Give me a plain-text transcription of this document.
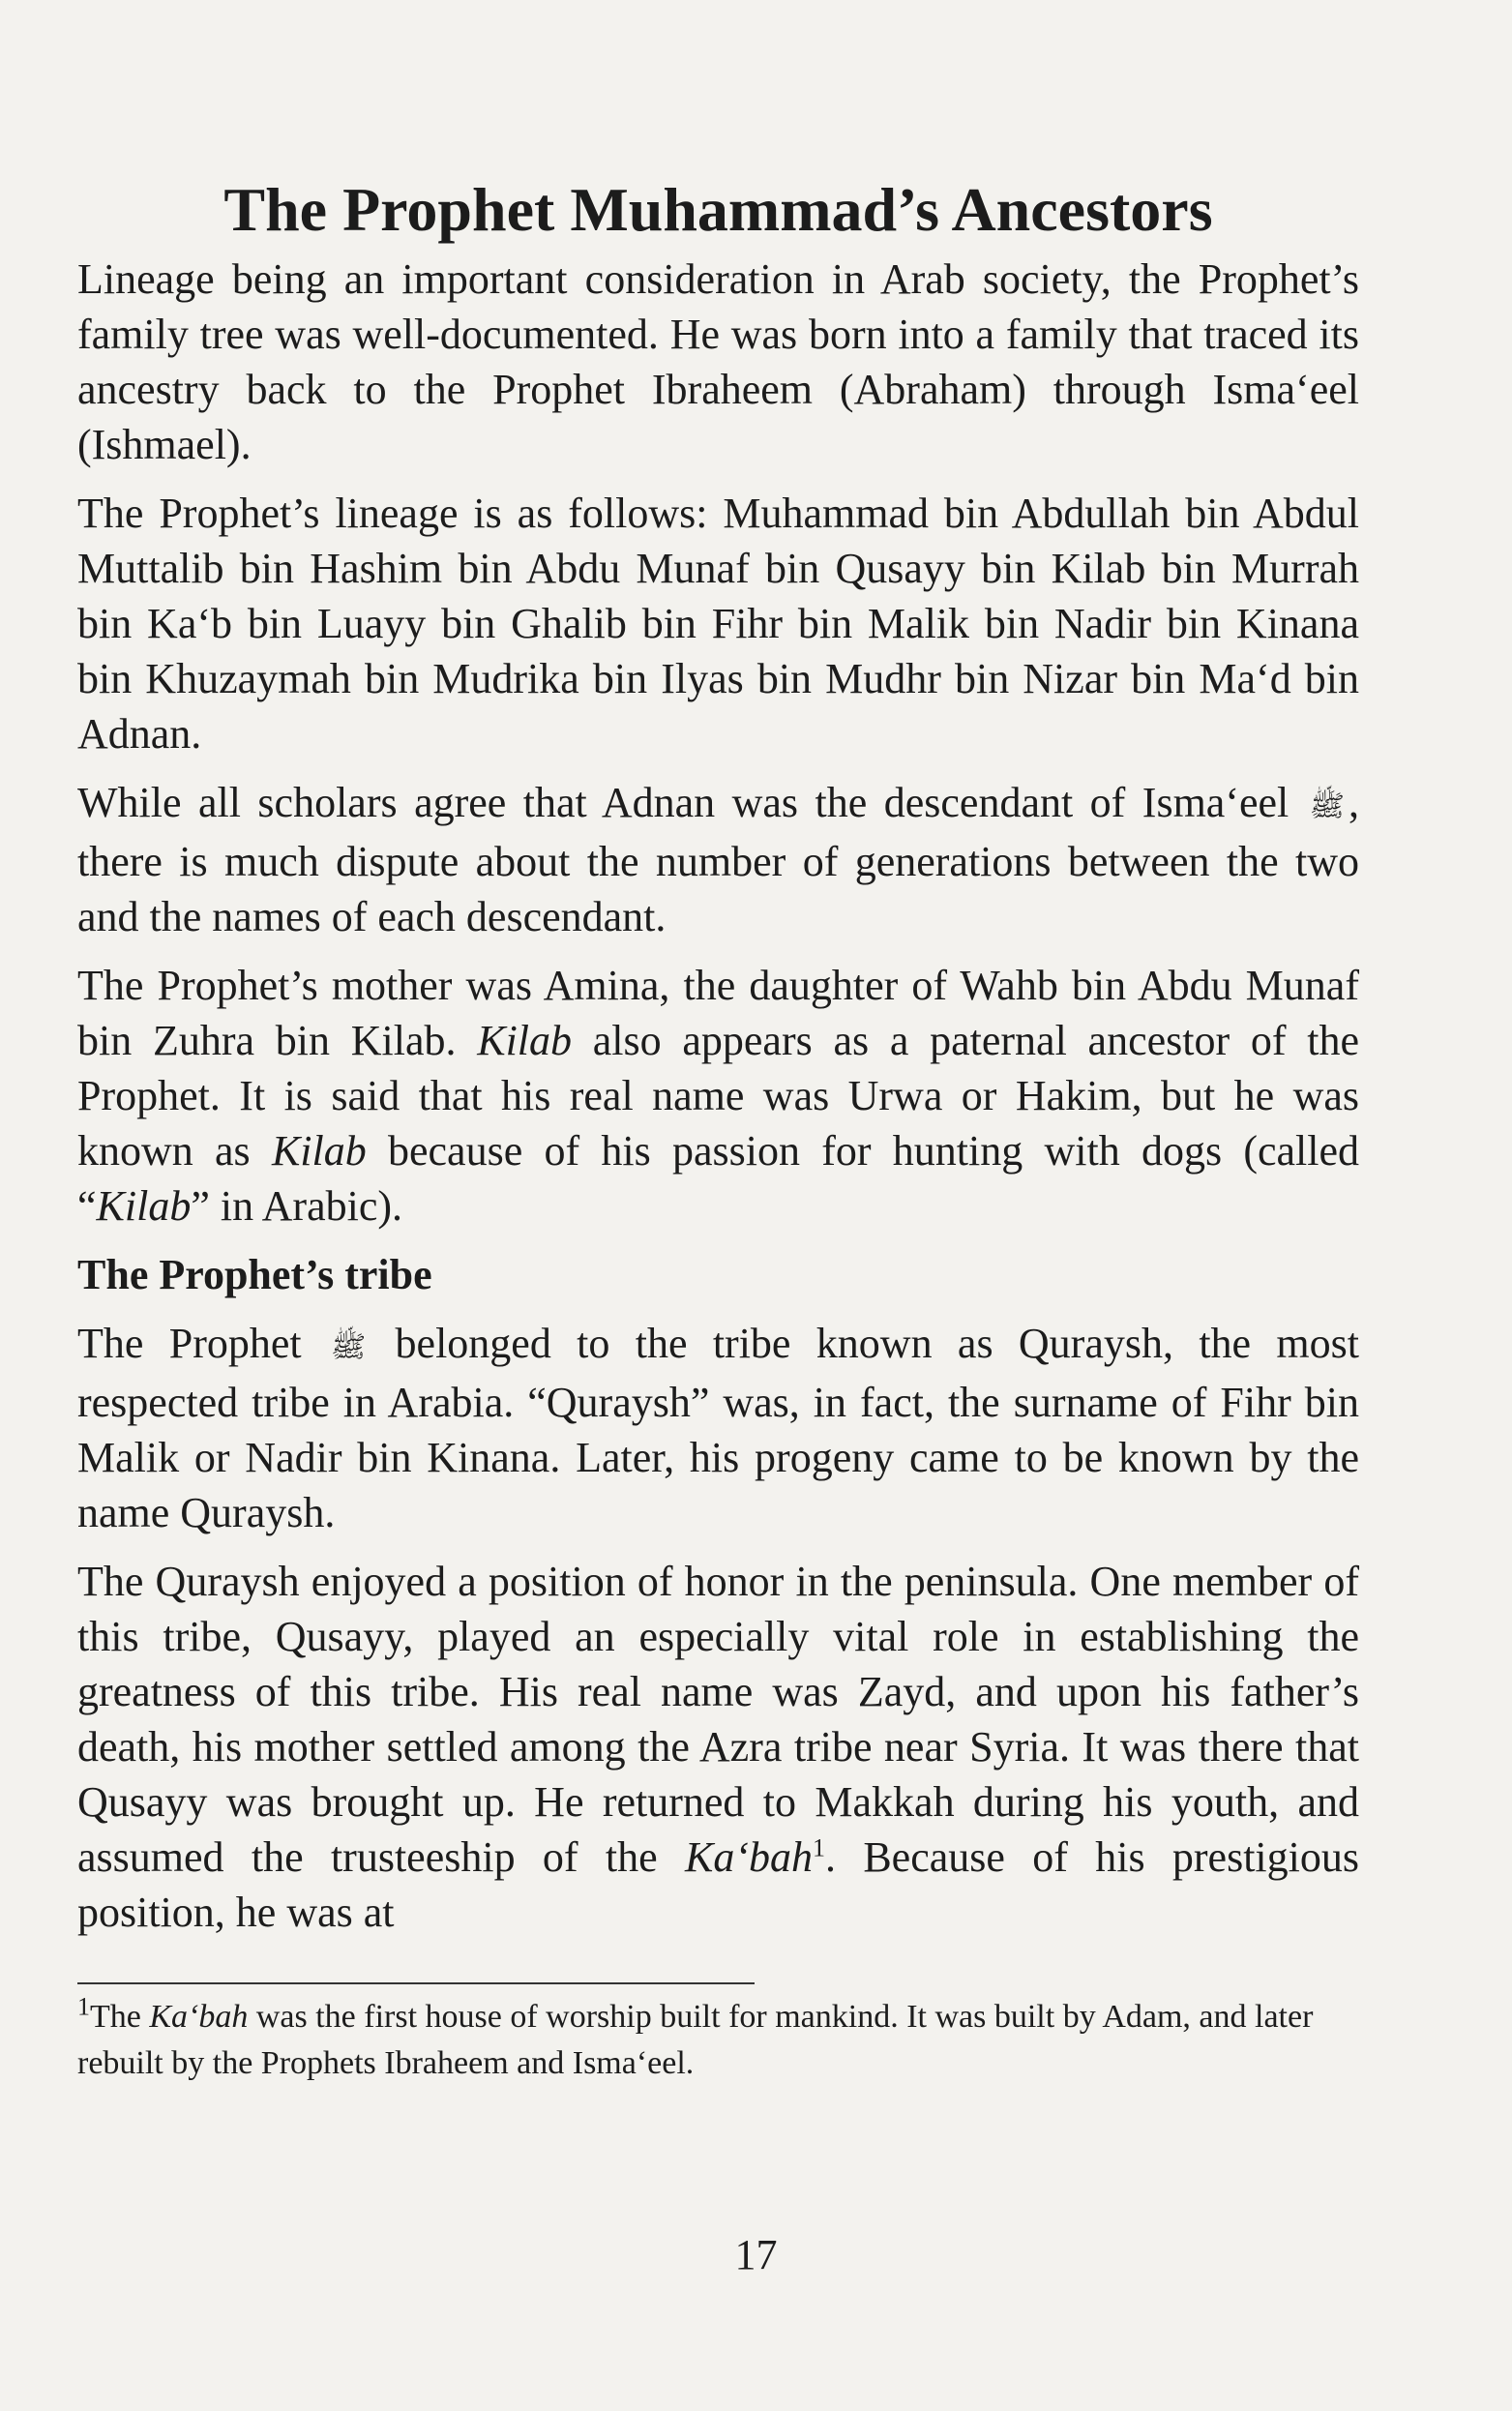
The Prophet Muhammad’s Ancestors

Lineage being an important consideration in Arab society, the Prophet’s family tree was well-documented. He was born into a family that traced its ancestry back to the Prophet Ibraheem (Abraham) through Isma‘eel (Ishmael).

The Prophet’s lineage is as follows: Muhammad bin Abdullah bin Abdul Muttalib bin Hashim bin Abdu Munaf bin Qusayy bin Kilab bin Murrah bin Ka‘b bin Luayy bin Ghalib bin Fihr bin Malik bin Nadir bin Kinana bin Khuzaymah bin Mudrika bin Ilyas bin Mudhr bin Nizar bin Ma‘d bin Adnan.

While all scholars agree that Adnan was the descendant of Isma‘eel ﷺ, there is much dispute about the number of generations between the two and the names of each descendant.

The Prophet’s mother was Amina, the daughter of Wahb bin Abdu Munaf bin Zuhra bin Kilab. Kilab also appears as a paternal ancestor of the Prophet. It is said that his real name was Urwa or Hakim, but he was known as Kilab because of his passion for hunting with dogs (called “Kilab” in Arabic).

The Prophet’s tribe

The Prophet ﷺ belonged to the tribe known as Quraysh, the most respected tribe in Arabia. “Quraysh” was, in fact, the surname of Fihr bin Malik or Nadir bin Kinana. Later, his progeny came to be known by the name Quraysh.

The Quraysh enjoyed a position of honor in the peninsula. One member of this tribe, Qusayy, played an especially vital role in establishing the greatness of this tribe. His real name was Zayd, and upon his father’s death, his mother settled among the Azra tribe near Syria. It was there that Qusayy was brought up. He returned to Makkah during his youth, and assumed the trusteeship of the Ka‘bah$^1$. Because of his prestigious position, he was at

$^1$The Ka‘bah was the first house of worship built for mankind. It was built by Adam, and later rebuilt by the Prophets Ibraheem and Isma‘eel.

17
